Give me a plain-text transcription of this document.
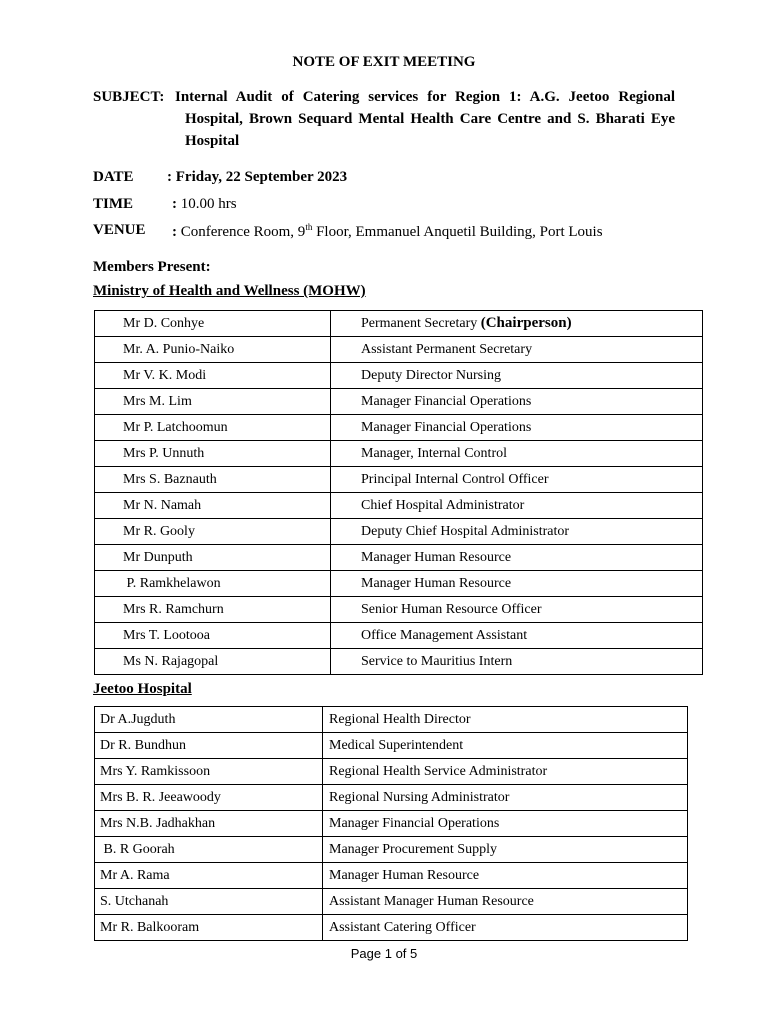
NOTE OF EXIT MEETING
SUBJECT: Internal Audit of Catering services for Region 1: A.G. Jeetoo Regional
Hospital, Brown Sequard Mental Health Care Centre and S. Bharati Eye
Hospital
DATE : Friday, 22 September 2023
TIME	: 10.00 hrs
VENUE : Conference Room, 9th Floor, Emmanuel Anquetil Building, Port Louis
Members Present:
Ministry of Health and Wellness (MOHW)
Mr D. Conhye	Permanent Secretary (Chairperson)
Mr. A. Punio-Naiko	Assistant Permanent Secretary
Mr V. K. Modi	Deputy Director Nursing
Mrs M. Lim	Manager Financial Operations
Mr P. Latchoomun	Manager Financial Operations
Mrs P. Unnuth	Manager, Internal Control
Mrs S. Baznauth	Principal Internal Control Officer
Mr N. Namah	Chief Hospital Administrator
Mr R. Gooly	Deputy Chief Hospital Administrator
Mr Dunputh	Manager Human Resource
P. Ramkhelawon	Manager Human Resource
Mrs R. Ramchurn	Senior Human Resource Officer
Mrs T. Lootooa	Office Management Assistant
Ms N. Rajagopal	Service to Mauritius Intern
Jeetoo Hospital
Dr A.Jugduth	Regional Health Director
Dr R. Bundhun	Medical Superintendent
Mrs Y. Ramkissoon	Regional Health Service Administrator
Mrs B. R. Jeeawoody	Regional Nursing Administrator
Mrs N.B. Jadhakhan	Manager Financial Operations
B. R Goorah	Manager Procurement Supply
Mr A. Rama	Manager Human Resource
S. Utchanah	Assistant Manager Human Resource
Mr R. Balkooram	Assistant Catering Officer
Page 1 of 5
